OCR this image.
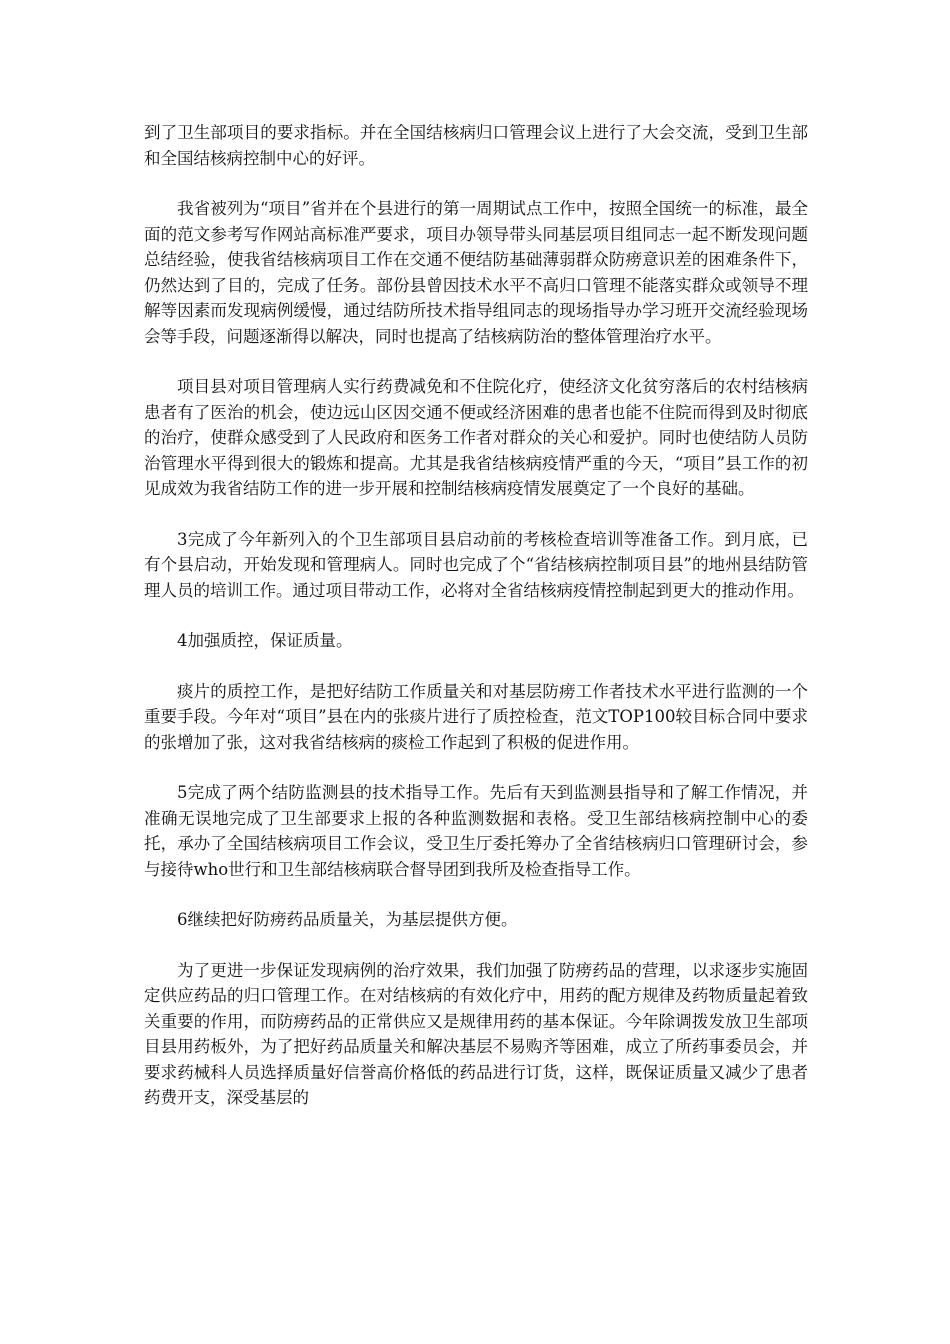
到了卫生部项目的要求指标。并在全国结核病归口管理会议上进行了大会交流，受到卫生部和全国结核病控制中心的好评。

我省被列为“项目”省并在个县进行的第一周期试点工作中，按照全国统一的标准，最全面的范文参考写作网站高标准严要求，项目办领导带头同基层项目组同志一起不断发现问题总结经验，使我省结核病项目工作在交通不便结防基础薄弱群众防痨意识差的困难条件下，仍然达到了目的，完成了任务。部份县曾因技术水平不高归口管理不能落实群众或领导不理解等因素而发现病例缓慢，通过结防所技术指导组同志的现场指导办学习班开交流经验现场会等手段，问题逐渐得以解决，同时也提高了结核病防治的整体管理治疗水平。

项目县对项目管理病人实行药费减免和不住院化疗，使经济文化贫穷落后的农村结核病患者有了医治的机会，使边远山区因交通不便或经济困难的患者也能不住院而得到及时彻底的治疗，使群众感受到了人民政府和医务工作者对群众的关心和爱护。同时也使结防人员防治管理水平得到很大的锻炼和提高。尤其是我省结核病疫情严重的今天，“项目”县工作的初见成效为我省结防工作的进一步开展和控制结核病疫情发展奠定了一个良好的基础。

3完成了今年新列入的个卫生部项目县启动前的考核检查培训等准备工作。到月底，已有个县启动，开始发现和管理病人。同时也完成了个“省结核病控制项目县”的地州县结防管理人员的培训工作。通过项目带动工作，必将对全省结核病疫情控制起到更大的推动作用。

4加强质控，保证质量。

痰片的质控工作，是把好结防工作质量关和对基层防痨工作者技术水平进行监测的一个重要手段。今年对“项目”县在内的张痰片进行了质控检查，范文TOP100较目标合同中要求的张增加了张，这对我省结核病的痰检工作起到了积极的促进作用。

5完成了两个结防监测县的技术指导工作。先后有天到监测县指导和了解工作情况，并准确无误地完成了卫生部要求上报的各种监测数据和表格。受卫生部结核病控制中心的委托，承办了全国结核病项目工作会议，受卫生厅委托筹办了全省结核病归口管理研讨会，参与接待who世行和卫生部结核病联合督导团到我所及检查指导工作。

6继续把好防痨药品质量关，为基层提供方便。

为了更进一步保证发现病例的治疗效果，我们加强了防痨药品的营理，以求逐步实施固定供应药品的归口管理工作。在对结核病的有效化疗中，用药的配方规律及药物质量起着致关重要的作用，而防痨药品的正常供应又是规律用药的基本保证。今年除调拨发放卫生部项目县用药板外，为了把好药品质量关和解决基层不易购齐等困难，成立了所药事委员会，并要求药械科人员选择质量好信誉高价格低的药品进行订货，这样，既保证质量又减少了患者药费开支，深受基层的
